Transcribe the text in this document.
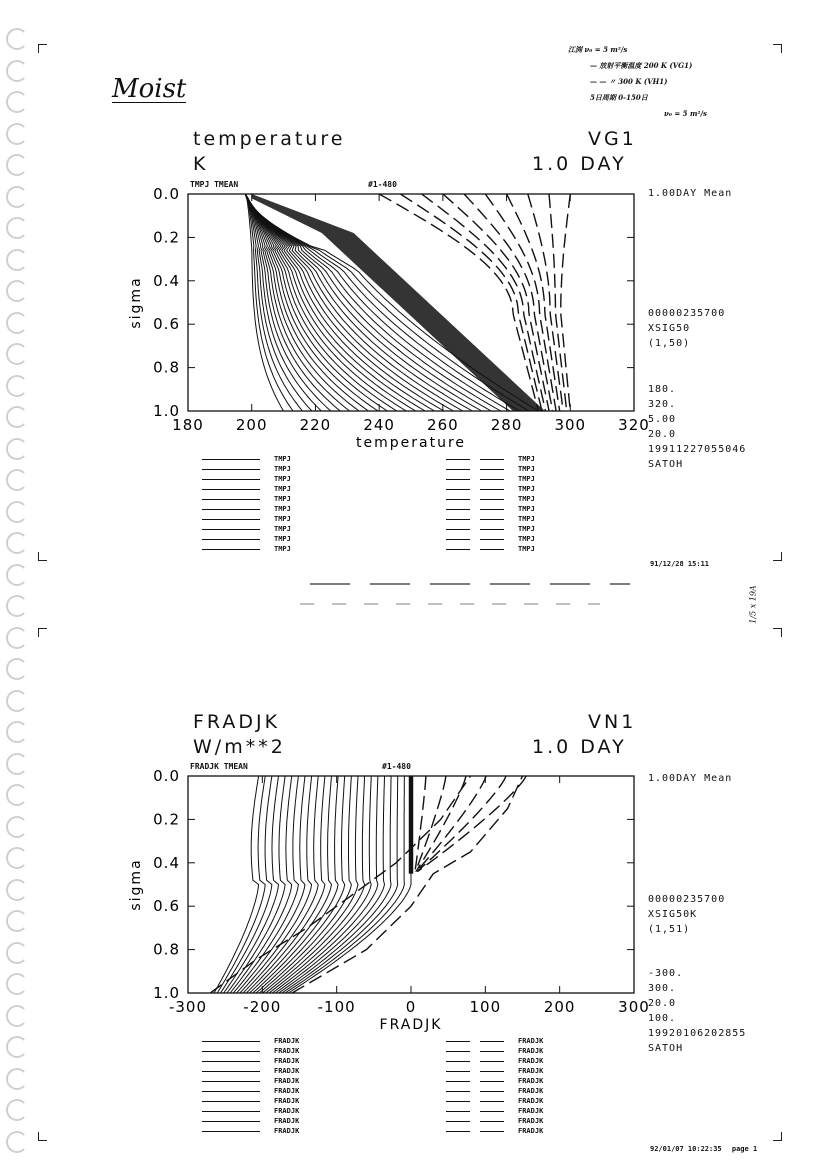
Moist
江渕 ν₀ = 5 m²/s
— 放射平衡温度 200 K (VG1)
— — 〃 300 K (VH1)
5日周期 0-150日
ν₀ = 5 m²/s
temperature
K
VG1
1.0 DAY
TMPJ TMEAN	#1-480
180 200 220 240 260 280 300 320
0.0
0.2
0.4
0.6
0.8
1.0
temperature
sigma
1.00DAY Mean
00000235700
XSIG50
(1,50)
180.
320.
5.00
20.0
19911227055046
SATOH
TMPJ
TMPJ
TMPJ
TMPJ
TMPJ
TMPJ
TMPJ
TMPJ
TMPJ
TMPJ
TMPJ
TMPJ
TMPJ
TMPJ
TMPJ
TMPJ
TMPJ
TMPJ
TMPJ
TMPJ
91/12/28 15:11
1/5 x 19A
FRADJK
W/m**2
VN1
1.0 DAY
FRADJK TMEAN	#1-480
-300 -200 -100	0	100	200	300
0.0
0.2
0.4
0.6
0.8
1.0
FRADJK
sigma
1.00DAY Mean
00000235700
XSIG50K
(1,51)
-300.
300.
20.0
100.
19920106202855
SATOH
FRADJK
FRADJK
FRADJK
FRADJK
FRADJK
FRADJK
FRADJK
FRADJK
FRADJK
FRADJK
FRADJK
FRADJK
FRADJK
FRADJK
FRADJK
FRADJK
FRADJK
FRADJK
FRADJK
FRADJK
92/01/07 10:22:35 page 1
